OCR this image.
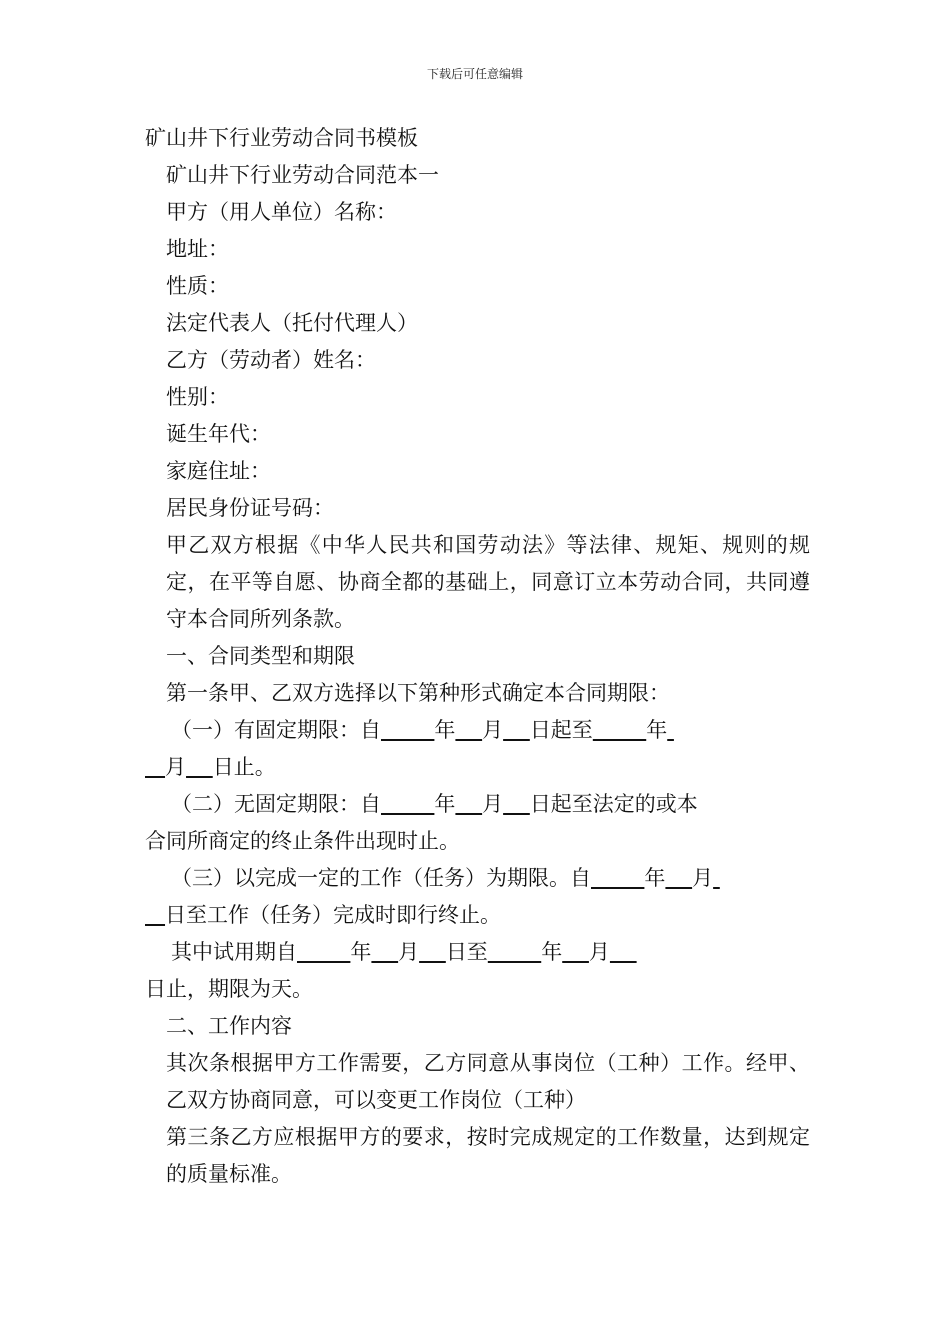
下载后可任意编辑
矿山井下行业劳动合同书模板
矿山井下行业劳动合同范本一
甲方（用人单位）名称：
地址：
性质：
法定代表人（托付代理人）
乙方（劳动者）姓名：
性别：
诞生年代：
家庭住址：
居民身份证号码：
甲乙双方根据《中华人民共和国劳动法》等法律、规矩、规则的规定，在平等自愿、协商全都的基础上，同意订立本劳动合同，共同遵守本合同所列条款。
一、合同类型和期限
第一条甲、乙双方选择以下第种形式确定本合同期限：
（一）有固定期限：自	年 月 日起至	年
月 日止。
（二）无固定期限：自	年 月 日起至法定的或本
合同所商定的终止条件出现时止。
（三）以完成一定的工作（任务）为期限。自	年 月
日至工作（任务）完成时即行终止。
其中试用期自	年 月 日至	年 月
日止，期限为天。
二、工作内容
其次条根据甲方工作需要，乙方同意从事岗位（工种）工作。经甲、乙双方协商同意，可以变更工作岗位（工种）
第三条乙方应根据甲方的要求，按时完成规定的工作数量，达到规定的质量标准。
